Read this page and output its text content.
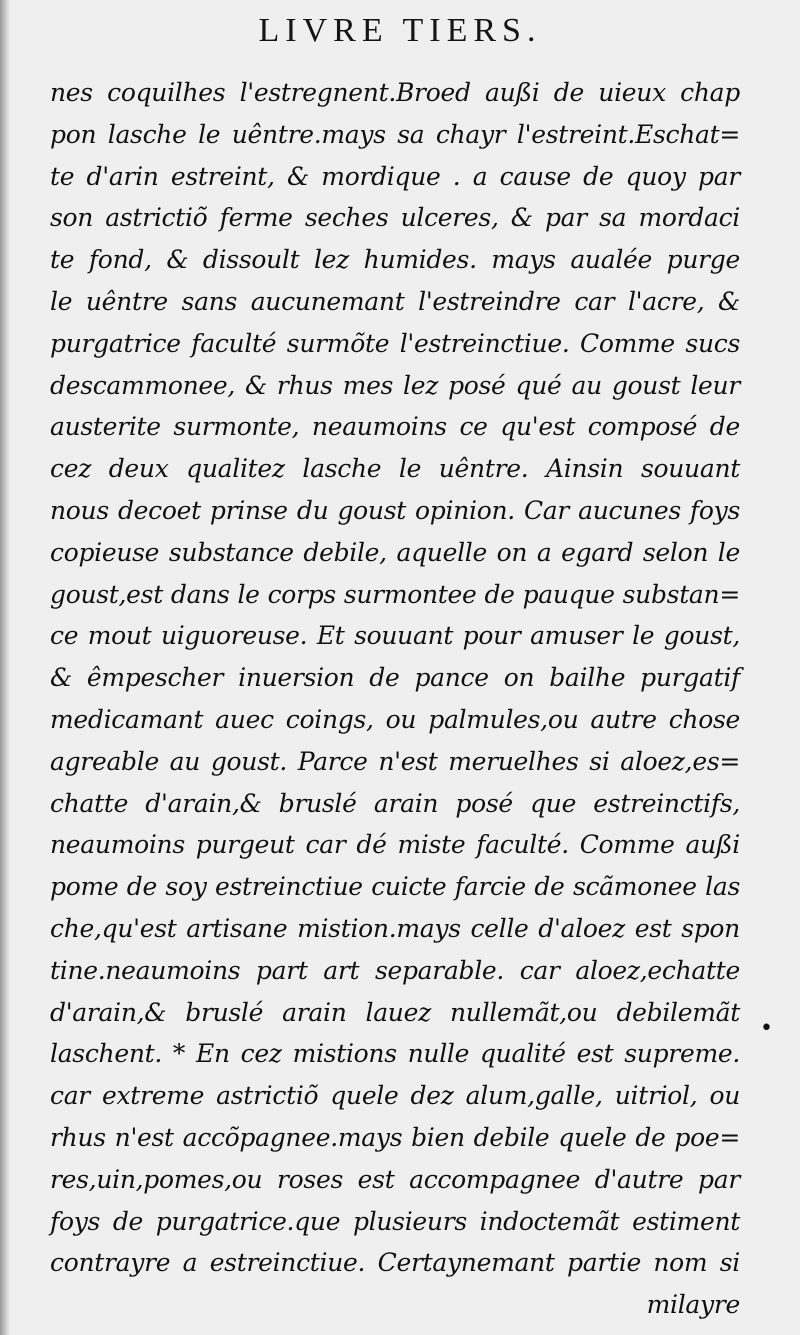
LIVRE TIERS.
nes coquilhes l'estregnent.Broed außi de uieux chap
pon lasche le uêntre.mays sa chayr l'estreint.Eschat=
te d'arin estreint, & mordique . a cause de quoy par
son astrictiõ ferme seches ulceres, & par sa mordaci
te fond, & dissoult lez humides. mays aualée purge
le uêntre sans aucunemant l'estreindre car l'acre, &
purgatrice faculté surmõte l'estreinctiue. Comme sucs
descammonee, & rhus mes lez posé qué au goust leur
austerite surmonte, neaumoins ce qu'est composé de
cez deux qualitez lasche le uêntre. Ainsin souuant
nous decoet prinse du goust opinion. Car aucunes foys
copieuse substance debile, aquelle on a egard selon le
goust,est dans le corps surmontee de pauque substan=
ce mout uiguoreuse. Et souuant pour amuser le goust,
& êmpescher inuersion de pance on bailhe purgatif
medicamant auec coings, ou palmules,ou autre chose
agreable au goust. Parce n'est meruelhes si aloez,es=
chatte d'arain,& bruslé arain posé que estreinctifs,
neaumoins purgeut car dé miste faculté. Comme außi
pome de soy estreinctiue cuicte farcie de scãmonee las
che,qu'est artisane mistion.mays celle d'aloez est spon
tine.neaumoins part art separable. car aloez,echatte
d'arain,& bruslé arain lauez nullemãt,ou debilemãt
laschent. * En cez mistions nulle qualité est supreme.
car extreme astrictiõ quele dez alum,galle, uitriol, ou
rhus n'est accõpagnee.mays bien debile quele de poe=
res,uin,pomes,ou roses est accompagnee d'autre par
foys de purgatrice.que plusieurs indoctemãt estiment
contrayre a estreinctiue. Certaynemant partie nom si
milayre
•
